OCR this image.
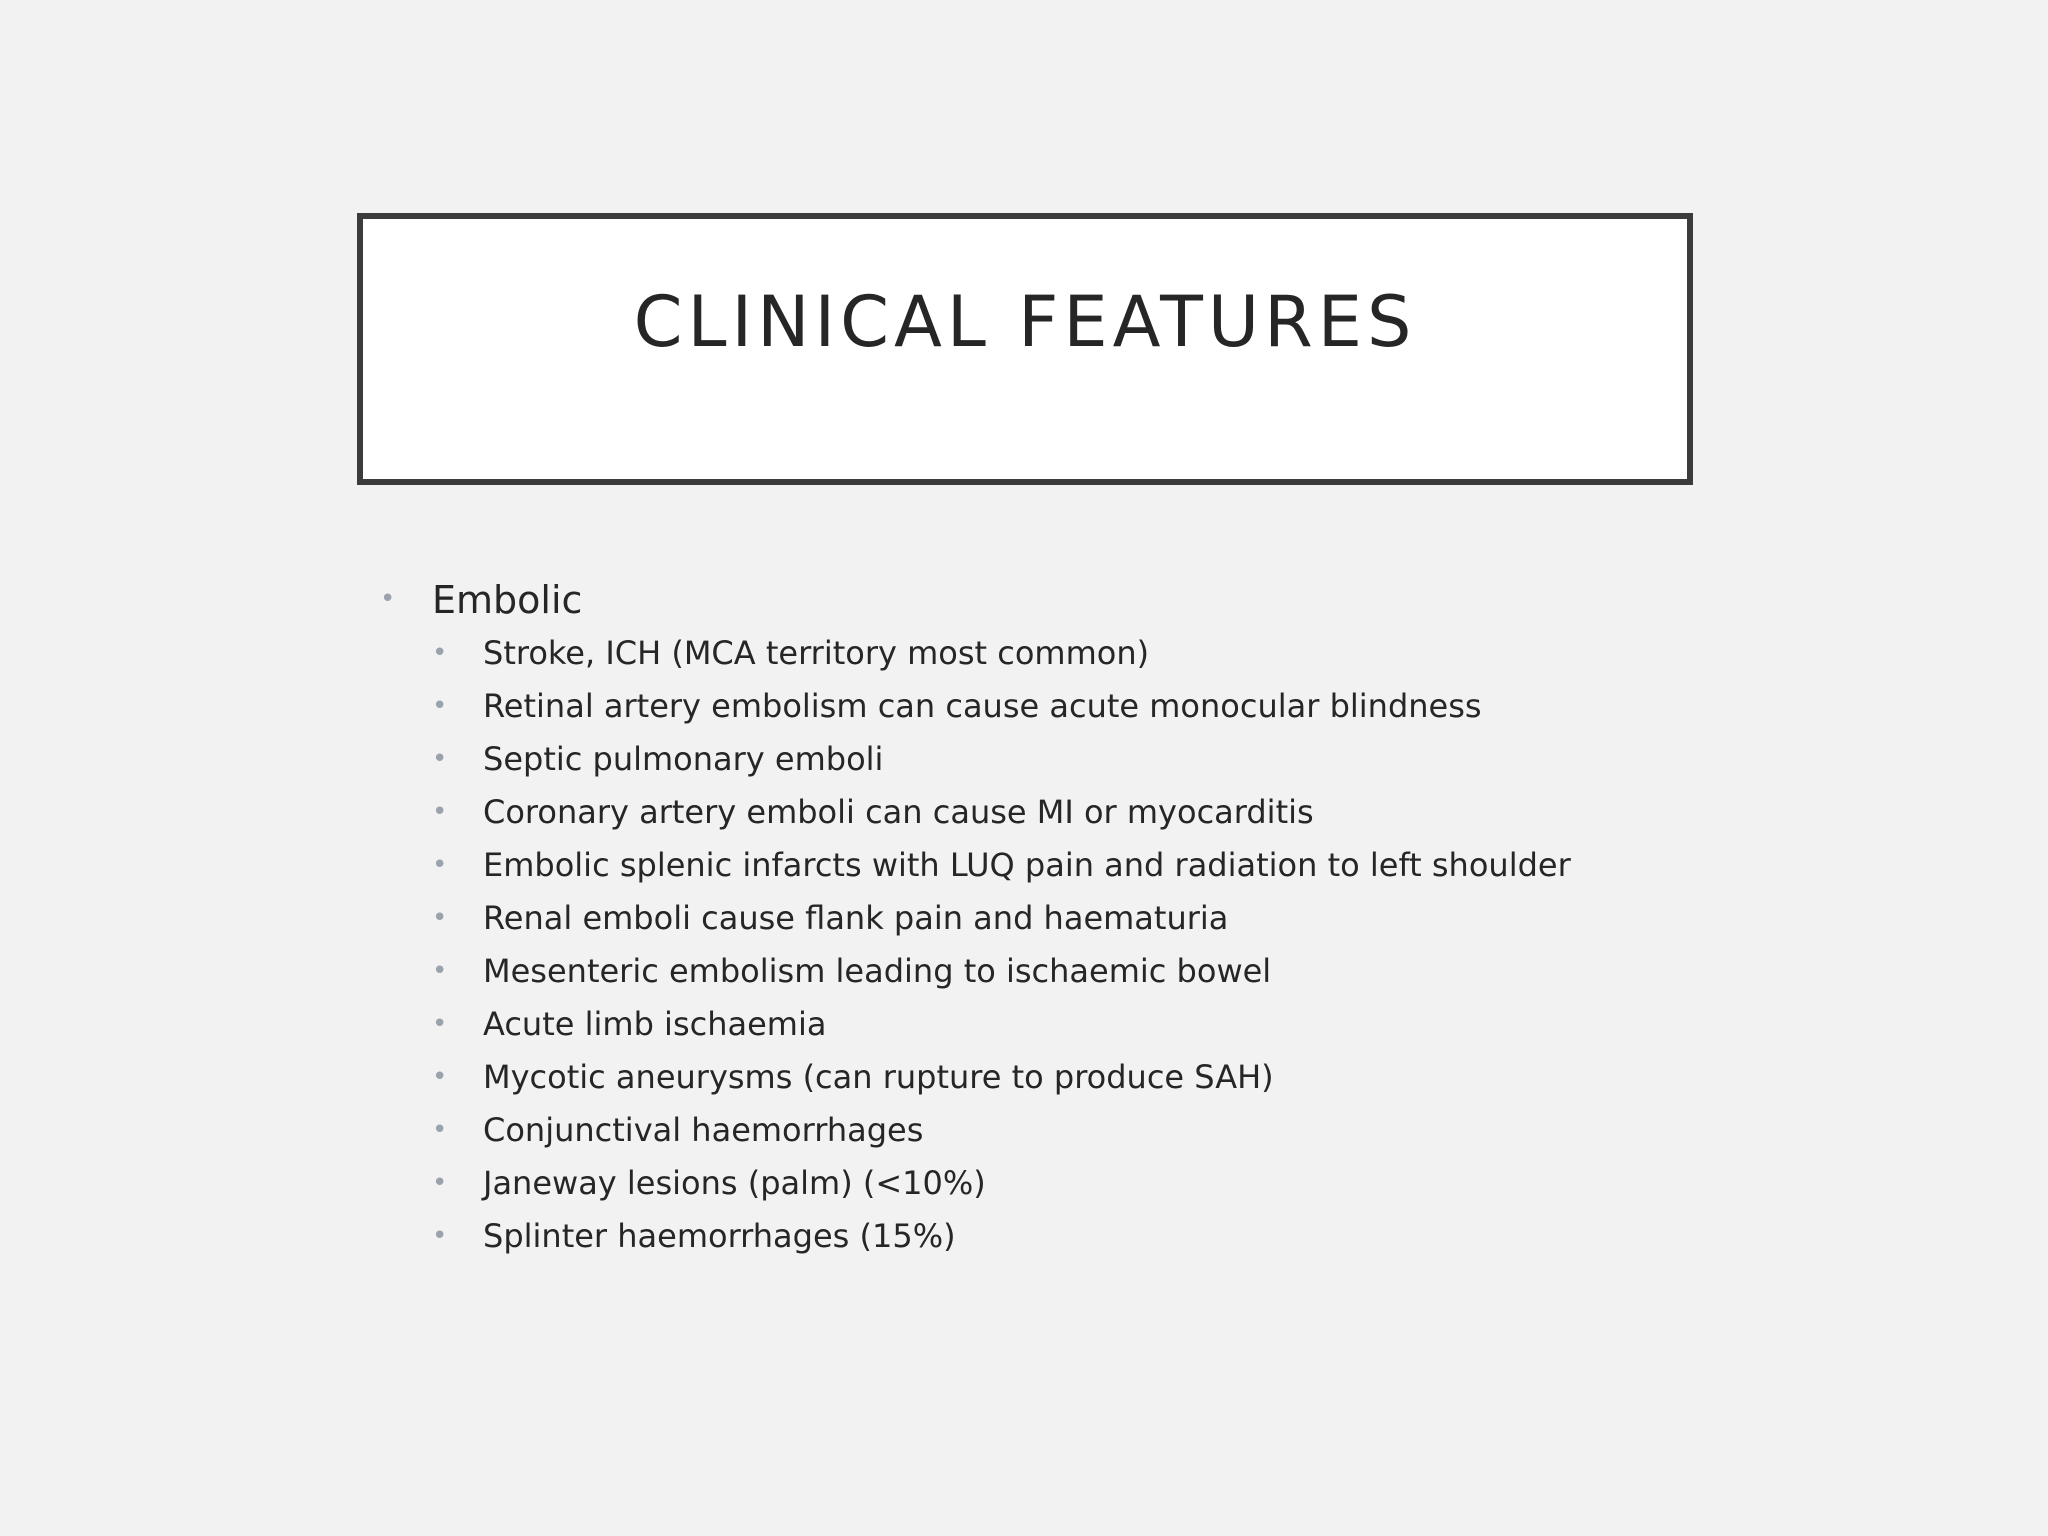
CLINICAL FEATURES
• Embolic
• Stroke, ICH (MCA territory most common)
• Retinal artery embolism can cause acute monocular blindness
• Septic pulmonary emboli
• Coronary artery emboli can cause MI or myocarditis
• Embolic splenic infarcts with LUQ pain and radiation to left shoulder
• Renal emboli cause flank pain and haematuria
• Mesenteric embolism leading to ischaemic bowel
• Acute limb ischaemia
• Mycotic aneurysms (can rupture to produce SAH)
• Conjunctival haemorrhages
• Janeway lesions (palm) (<10%)
• Splinter haemorrhages (15%)
